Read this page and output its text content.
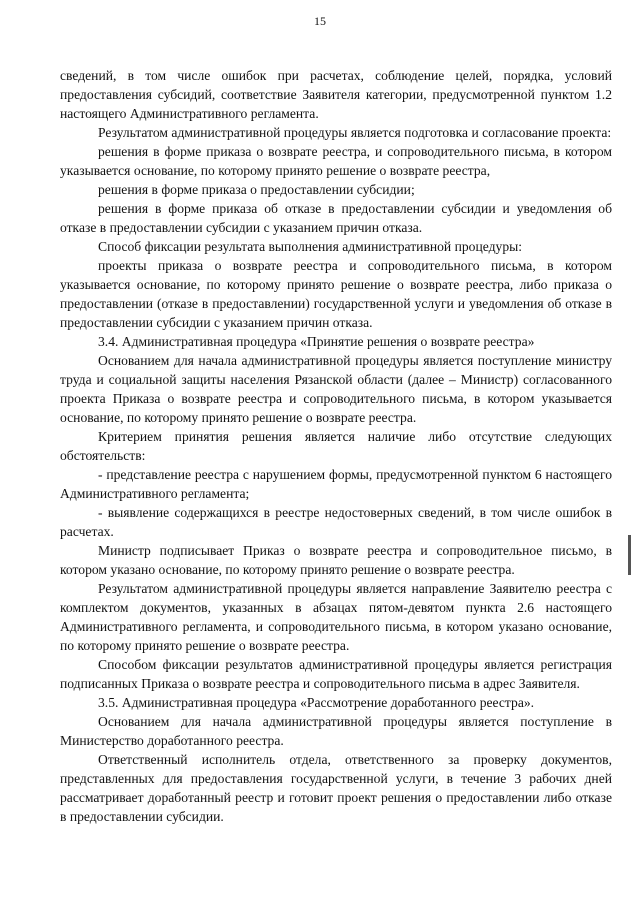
15

сведений, в том числе ошибок при расчетах, соблюдение целей, порядка, условий предоставления субсидий, соответствие Заявителя категории, предусмотренной пунктом 1.2 настоящего Административного регламента.

Результатом административной процедуры является подготовка и согласование проекта:

решения в форме приказа о возврате реестра, и сопроводительного письма, в котором указывается основание, по которому принято решение о возврате реестра,

решения в форме приказа о предоставлении субсидии;

решения в форме приказа об отказе в предоставлении субсидии и уведомления об отказе в предоставлении субсидии с указанием причин отказа.

Способ фиксации результата выполнения административной процедуры:

проекты приказа о возврате реестра и сопроводительного письма, в котором указывается основание, по которому принято решение о возврате реестра, либо приказа о предоставлении (отказе в предоставлении) государственной услуги и уведомления об отказе в предоставлении субсидии с указанием причин отказа.

3.4. Административная процедура «Принятие решения о возврате реестра»

Основанием для начала административной процедуры является поступление министру труда и социальной защиты населения Рязанской области (далее – Министр) согласованного проекта Приказа о возврате реестра и сопроводительного письма, в котором указывается основание, по которому принято решение о возврате реестра.

Критерием принятия решения является наличие либо отсутствие следующих обстоятельств:

- представление реестра с нарушением формы, предусмотренной пунктом 6 настоящего Административного регламента;

- выявление содержащихся в реестре недостоверных сведений, в том числе ошибок в расчетах.

Министр подписывает Приказ о возврате реестра и сопроводительное письмо, в котором указано основание, по которому принято решение о возврате реестра.

Результатом административной процедуры является направление Заявителю реестра с комплектом документов, указанных в абзацах пятом-девятом пункта 2.6 настоящего Административного регламента, и сопроводительного письма, в котором указано основание, по которому принято решение о возврате реестра.

Способом фиксации результатов административной процедуры является регистрация подписанных Приказа о возврате реестра и сопроводительного письма в адрес Заявителя.

3.5. Административная процедура «Рассмотрение доработанного реестра».

Основанием для начала административной процедуры является поступление в Министерство доработанного реестра.

Ответственный исполнитель отдела, ответственного за проверку документов, представленных для предоставления государственной услуги, в течение 3 рабочих дней рассматривает доработанный реестр и готовит проект решения о предоставлении либо отказе в предоставлении субсидии.
